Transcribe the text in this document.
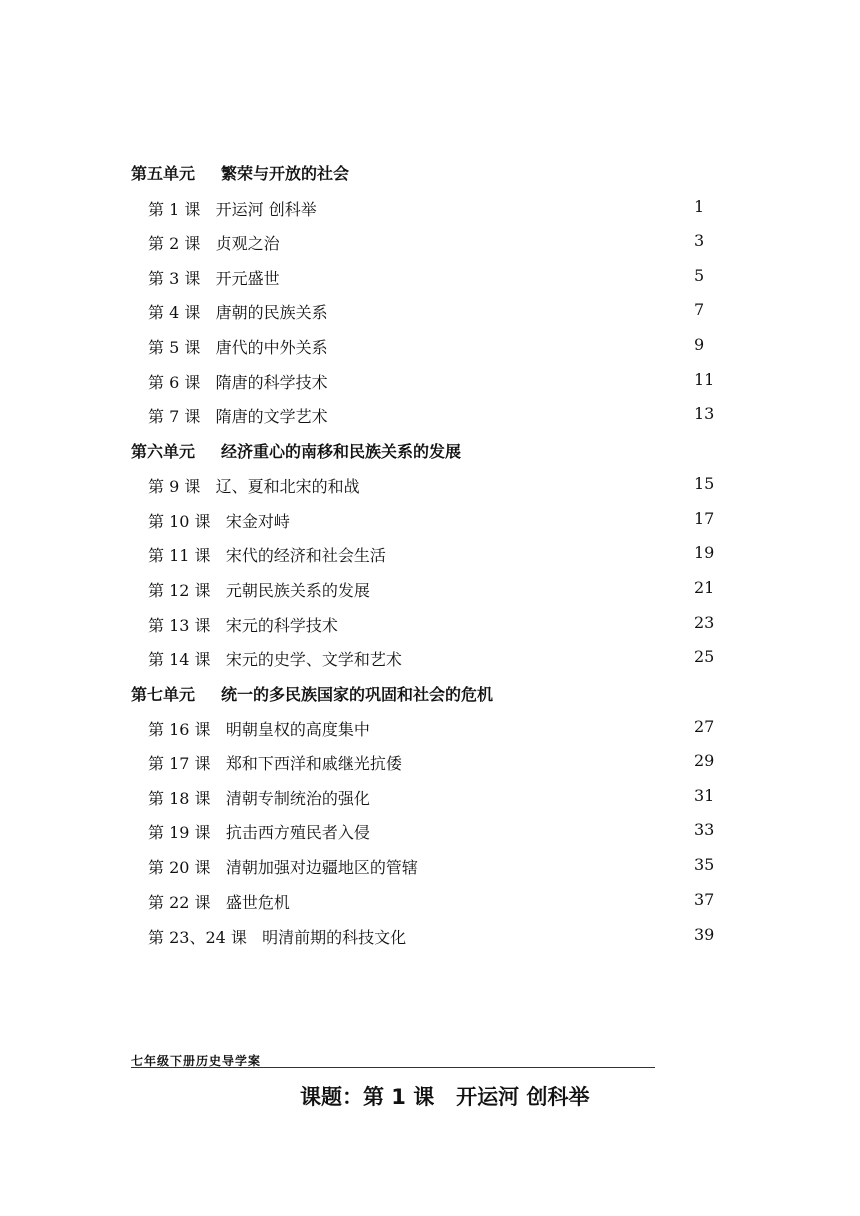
第五单元 繁荣与开放的社会
第 1 课 开运河 创科举	1
第 2 课 贞观之治	3
第 3 课 开元盛世	5
第 4 课 唐朝的民族关系	7
第 5 课 唐代的中外关系	9
第 6 课 隋唐的科学技术	11
第 7 课 隋唐的文学艺术	13
第六单元 经济重心的南移和民族关系的发展
第 9 课 辽、夏和北宋的和战	15
第 10 课 宋金对峙	17
第 11 课 宋代的经济和社会生活	19
第 12 课 元朝民族关系的发展	21
第 13 课 宋元的科学技术	23
第 14 课 宋元的史学、文学和艺术	25
第七单元 统一的多民族国家的巩固和社会的危机
第 16 课 明朝皇权的高度集中	27
第 17 课 郑和下西洋和戚继光抗倭	29
第 18 课 清朝专制统治的强化	31
第 19 课 抗击西方殖民者入侵	33
第 20 课 清朝加强对边疆地区的管辖	35
第 22 课 盛世危机	37
第 23、24 课 明清前期的科技文化	39
七年级下册历史导学案
课题：第 1 课 开运河 创科举
